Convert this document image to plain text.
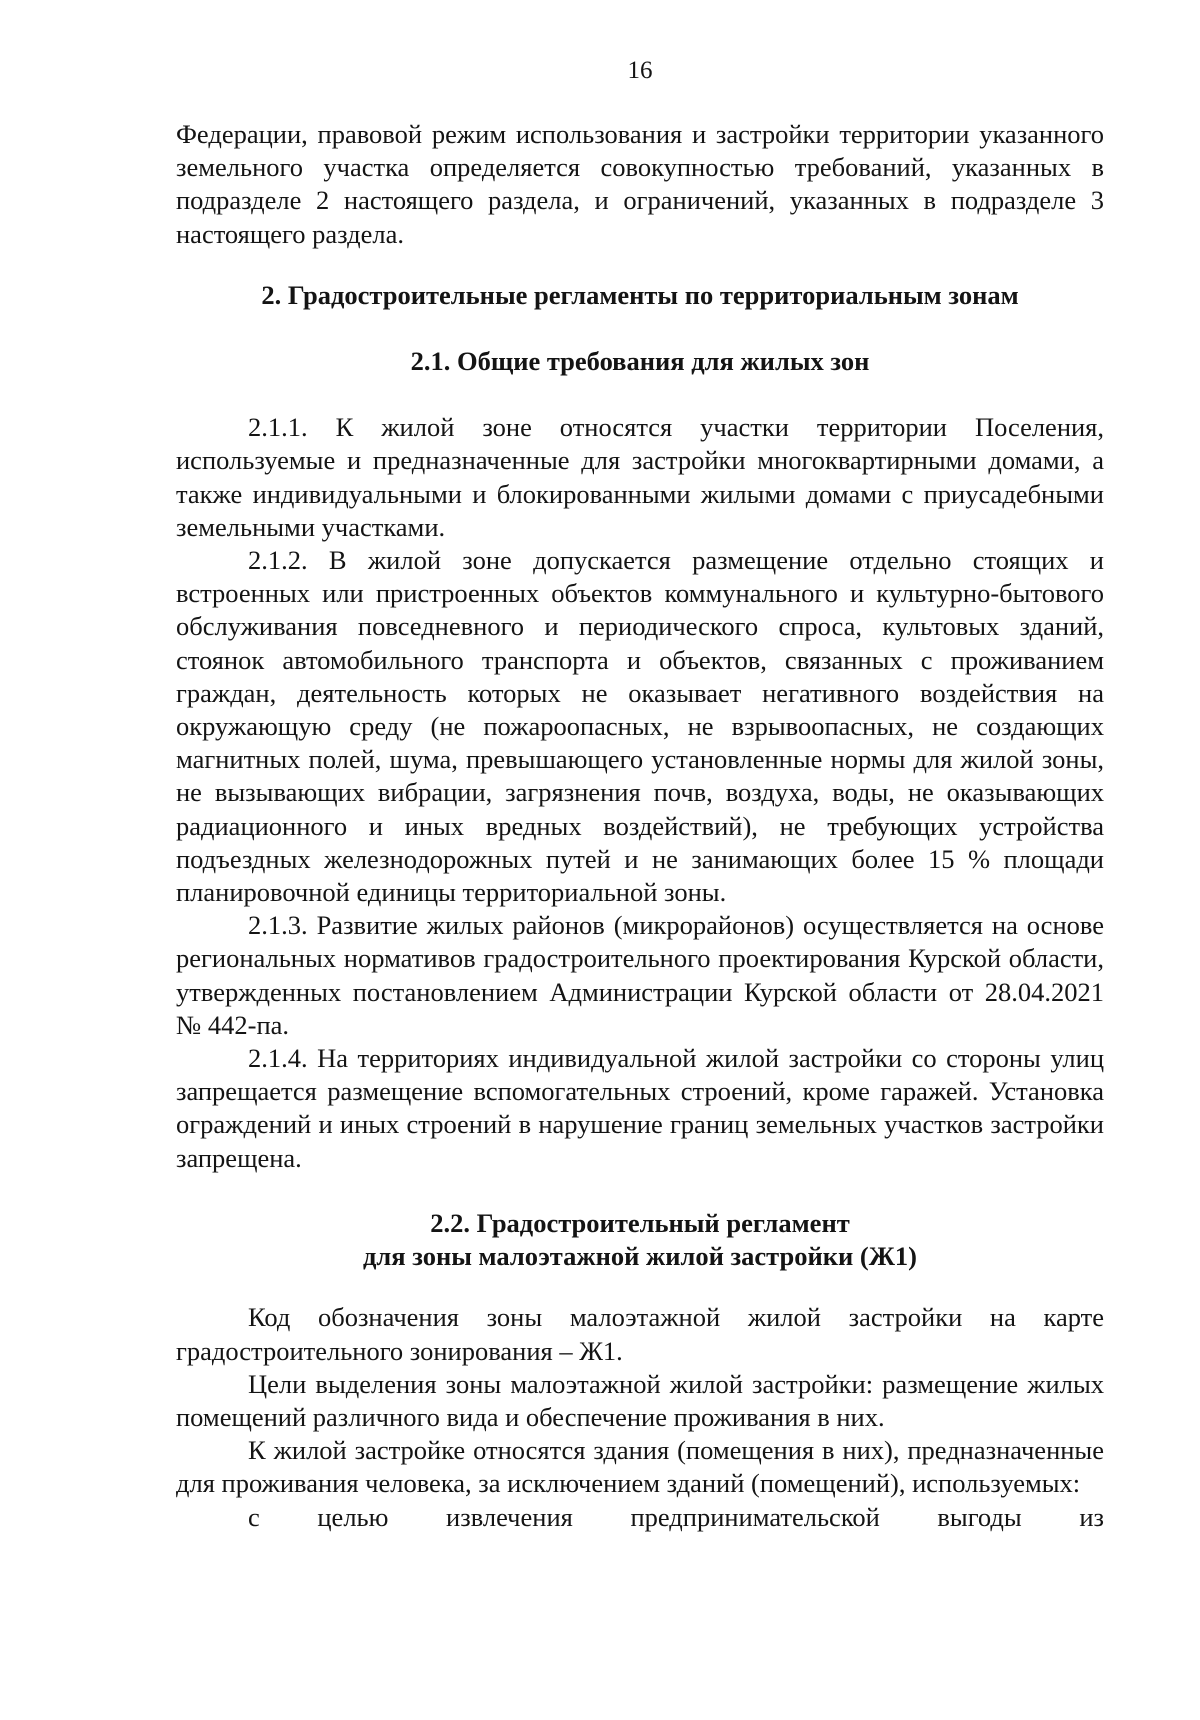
16

Федерации, правовой режим использования и застройки территории указанного земельного участка определяется совокупностью требований, указанных в подразделе 2 настоящего раздела, и ограничений, указанных в подразделе 3 настоящего раздела.

2. Градостроительные регламенты по территориальным зонам

2.1. Общие требования для жилых зон

2.1.1. К жилой зоне относятся участки территории Поселения, используемые и предназначенные для застройки многоквартирными домами, а также индивидуальными и блокированными жилыми домами с приусадебными земельными участками.

2.1.2. В жилой зоне допускается размещение отдельно стоящих и встроенных или пристроенных объектов коммунального и культурно-бытового обслуживания повседневного и периодического спроса, культовых зданий, стоянок автомобильного транспорта и объектов, связанных с проживанием граждан, деятельность которых не оказывает негативного воздействия на окружающую среду (не пожароопасных, не взрывоопасных, не создающих магнитных полей, шума, превышающего установленные нормы для жилой зоны, не вызывающих вибрации, загрязнения почв, воздуха, воды, не оказывающих радиационного и иных вредных воздействий), не требующих устройства подъездных железнодорожных путей и не занимающих более 15 % площади планировочной единицы территориальной зоны.

2.1.3. Развитие жилых районов (микрорайонов) осуществляется на основе региональных нормативов градостроительного проектирования Курской области, утвержденных постановлением Администрации Курской области от 28.04.2021 № 442-па.

2.1.4. На территориях индивидуальной жилой застройки со стороны улиц запрещается размещение вспомогательных строений, кроме гаражей. Установка ограждений и иных строений в нарушение границ земельных участков застройки запрещена.

2.2. Градостроительный регламент

для зоны малоэтажной жилой застройки (Ж1)

Код обозначения зоны малоэтажной жилой застройки на карте градостроительного зонирования – Ж1.

Цели выделения зоны малоэтажной жилой застройки: размещение жилых помещений различного вида и обеспечение проживания в них.

К жилой застройке относятся здания (помещения в них), предназначенные для проживания человека, за исключением зданий (помещений), используемых:

с целью извлечения предпринимательской выгоды из
